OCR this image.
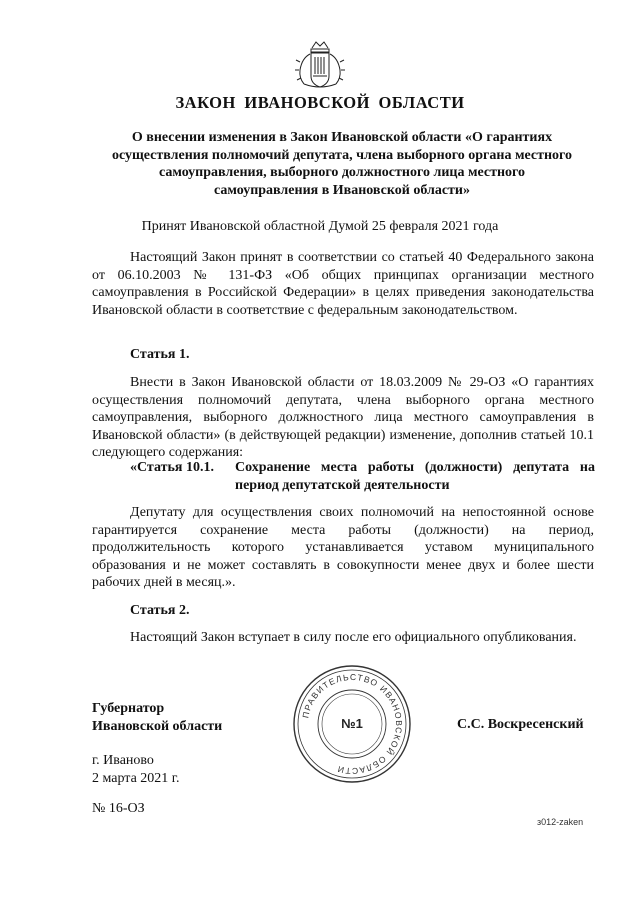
ЗАКОН ИВАНОВСКОЙ ОБЛАСТИ
О внесении изменения в Закон Ивановской области «О гарантиях
осуществления полномочий депутата, члена выборного органа местного
самоуправления, выборного должностного лица местного
самоуправления в Ивановской области»
Принят Ивановской областной Думой 25 февраля 2021 года

Настоящий Закон принят в соответствии со статьей 40 Федерального закона от 06.10.2003 № 131-ФЗ «Об общих принципах организации местного самоуправления в Российской Федерации» в целях приведения законодательства Ивановской области в соответствие с федеральным законодательством.

Статья 1.

Внести в Закон Ивановской области от 18.03.2009 № 29-ОЗ «О гарантиях осуществления полномочий депутата, члена выборного органа местного самоуправления, выборного должностного лица местного самоуправления в Ивановской области» (в действующей редакции) изменение, дополнив статьей 10.1 следующего содержания:

«Статья 10.1. Сохранение места работы (должности) депутата на период депутатской деятельности

Депутату для осуществления своих полномочий на непостоянной основе гарантируется сохранение места работы (должности) на период, продолжительность которого устанавливается уставом муниципального образования и не может составлять в совокупности менее двух и более шести рабочих дней в месяц.».

Статья 2.

Настоящий Закон вступает в силу после его официального опубликования.

ПРАВИТЕЛЬСТВО ИВАНОВСКОЙ ОБЛАСТИ
№1
Губернатор
Ивановской области	С.С. Воскресенский
г. Иваново
2 марта 2021 г.
№ 16-ОЗ
з012-zaken
